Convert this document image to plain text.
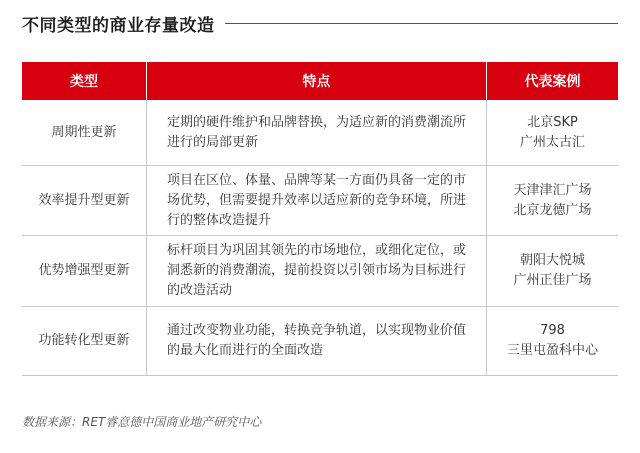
不同类型的商业存量改造
类型	特点	代表案例
周期性更新	定期的硬件维护和品牌替换，为适应新的消费潮流所进行的局部更新	北京SKP
广州太古汇

效率提升型更新	项目在区位、体量、品牌等某一方面仍具备一定的市场优势，但需要提升效率以适应新的竞争环境，所进行的整体改造提升	天津津汇广场
北京龙德广场

优势增强型更新	标杆项目为巩固其领先的市场地位，或细化定位，或洞悉新的消费潮流，提前投资以引领市场为目标进行的改造活动	朝阳大悦城
广州正佳广场

功能转化型更新	通过改变物业功能，转换竞争轨道，以实现物业价值的最大化而进行的全面改造	798
三里屯盈科中心
数据来源：RET睿意德中国商业地产研究中心
